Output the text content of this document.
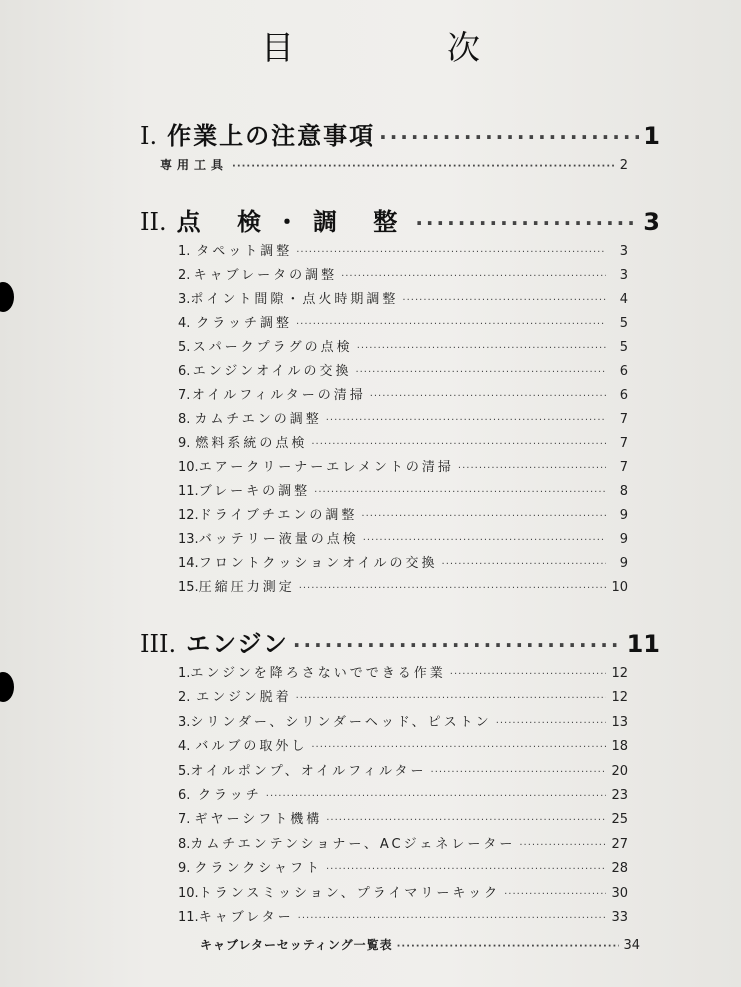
目　次
I. 作業上の注意事項 ·····	1
専用工具 ·····	2
II. 点 検・調 整 ·····	3
1. タペット調整 ·····	3
2. キャブレータの調整 ·····	3
3. ポイント間隙・点火時期調整 ·····	4
4. クラッチ調整 ·····	5
5. スパークプラグの点検 ·····	5
6. エンジンオイルの交換 ·····	6
7. オイルフィルターの清掃 ·····	6
8. カムチエンの調整 ·····	7
9. 燃料系統の点検 ·····	7
10. エアークリーナーエレメントの清掃 ·····	7
11. ブレーキの調整 ·····	8
12. ドライブチエンの調整 ·····	9
13. バッテリー液量の点検 ·····	9
14. フロントクッションオイルの交換 ·····	9
15. 圧縮圧力測定 ·····	10
III. エンジン ·····	11
1. エンジンを降ろさないでできる作業 ·····	12
2. エンジン脱着 ·····	12
3. シリンダー、シリンダーヘッド、ピストン ·····	13
4. バルブの取外し ·····	18
5. オイルポンプ、オイルフィルター ·····	20
6. クラッチ ·····	23
7. ギヤーシフト機構 ·····	25
8. カムチエンテンショナー、ACジェネレーター ·····	27
9. クランクシャフト ·····	28
10. トランスミッション、プライマリーキック ·····	30
11. キャブレター ·····	33
キャブレターセッティング一覧表 ·····	34
